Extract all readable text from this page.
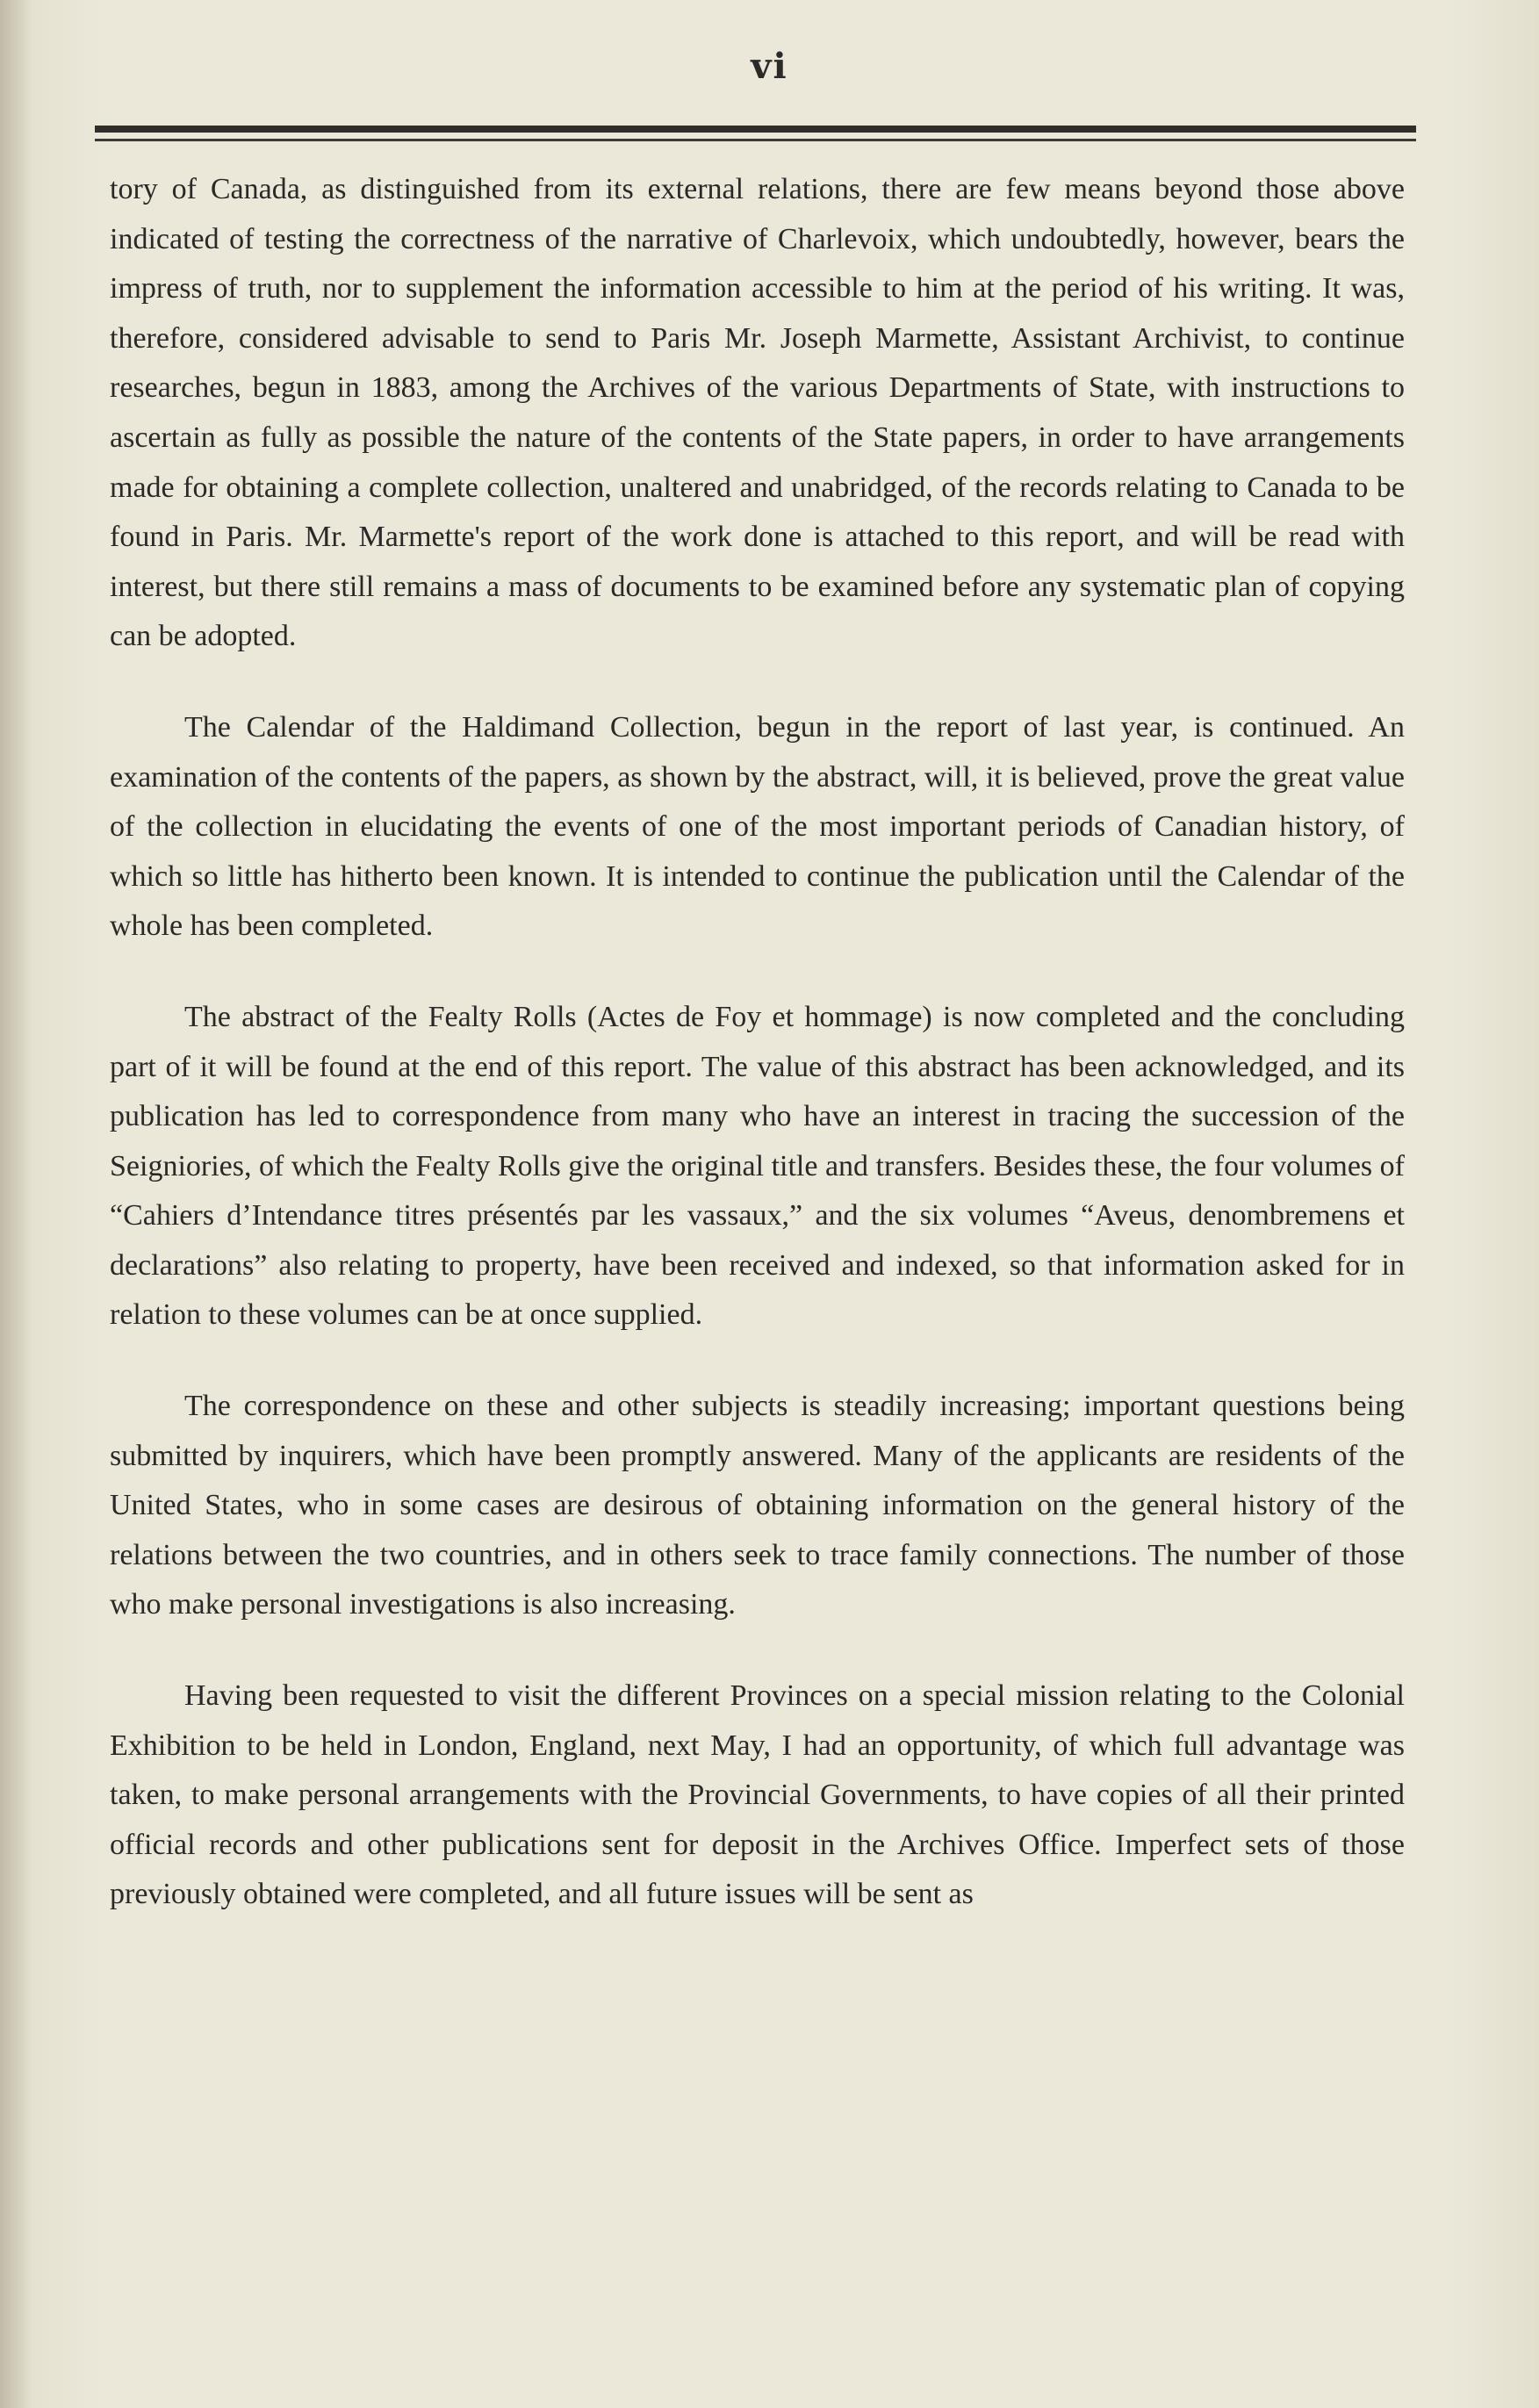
vi

tory of Canada, as distinguished from its external relations, there are few means beyond those above indicated of testing the correctness of the narrative of Charlevoix, which undoubtedly, however, bears the impress of truth, nor to supplement the information accessible to him at the period of his writing. It was, therefore, considered advisable to send to Paris Mr. Joseph Marmette, Assistant Archivist, to continue researches, begun in 1883, among the Archives of the various Departments of State, with instructions to ascertain as fully as possible the nature of the contents of the State papers, in order to have arrangements made for obtaining a complete collection, unaltered and unabridged, of the records relating to Canada to be found in Paris. Mr. Marmette's report of the work done is attached to this report, and will be read with interest, but there still remains a mass of documents to be examined before any systematic plan of copying can be adopted.

The Calendar of the Haldimand Collection, begun in the report of last year, is continued. An examination of the contents of the papers, as shown by the abstract, will, it is believed, prove the great value of the collection in elucidating the events of one of the most important periods of Canadian history, of which so little has hitherto been known. It is intended to continue the publication until the Calendar of the whole has been completed.

The abstract of the Fealty Rolls (Actes de Foy et hommage) is now completed and the concluding part of it will be found at the end of this report. The value of this abstract has been acknowledged, and its publication has led to correspondence from many who have an interest in tracing the succession of the Seigniories, of which the Fealty Rolls give the original title and transfers. Besides these, the four volumes of “Cahiers d’Intendance titres présentés par les vassaux,” and the six volumes “Aveus, denombremens et declarations” also relating to property, have been received and indexed, so that information asked for in relation to these volumes can be at once supplied.

The correspondence on these and other subjects is steadily increasing; important questions being submitted by inquirers, which have been promptly answered. Many of the applicants are residents of the United States, who in some cases are desirous of obtaining information on the general history of the relations between the two countries, and in others seek to trace family connections. The number of those who make personal investigations is also increasing.

Having been requested to visit the different Provinces on a special mission relating to the Colonial Exhibition to be held in London, England, next May, I had an opportunity, of which full advantage was taken, to make personal arrangements with the Provincial Governments, to have copies of all their printed official records and other publications sent for deposit in the Archives Office. Imperfect sets of those previously obtained were completed, and all future issues will be sent as
